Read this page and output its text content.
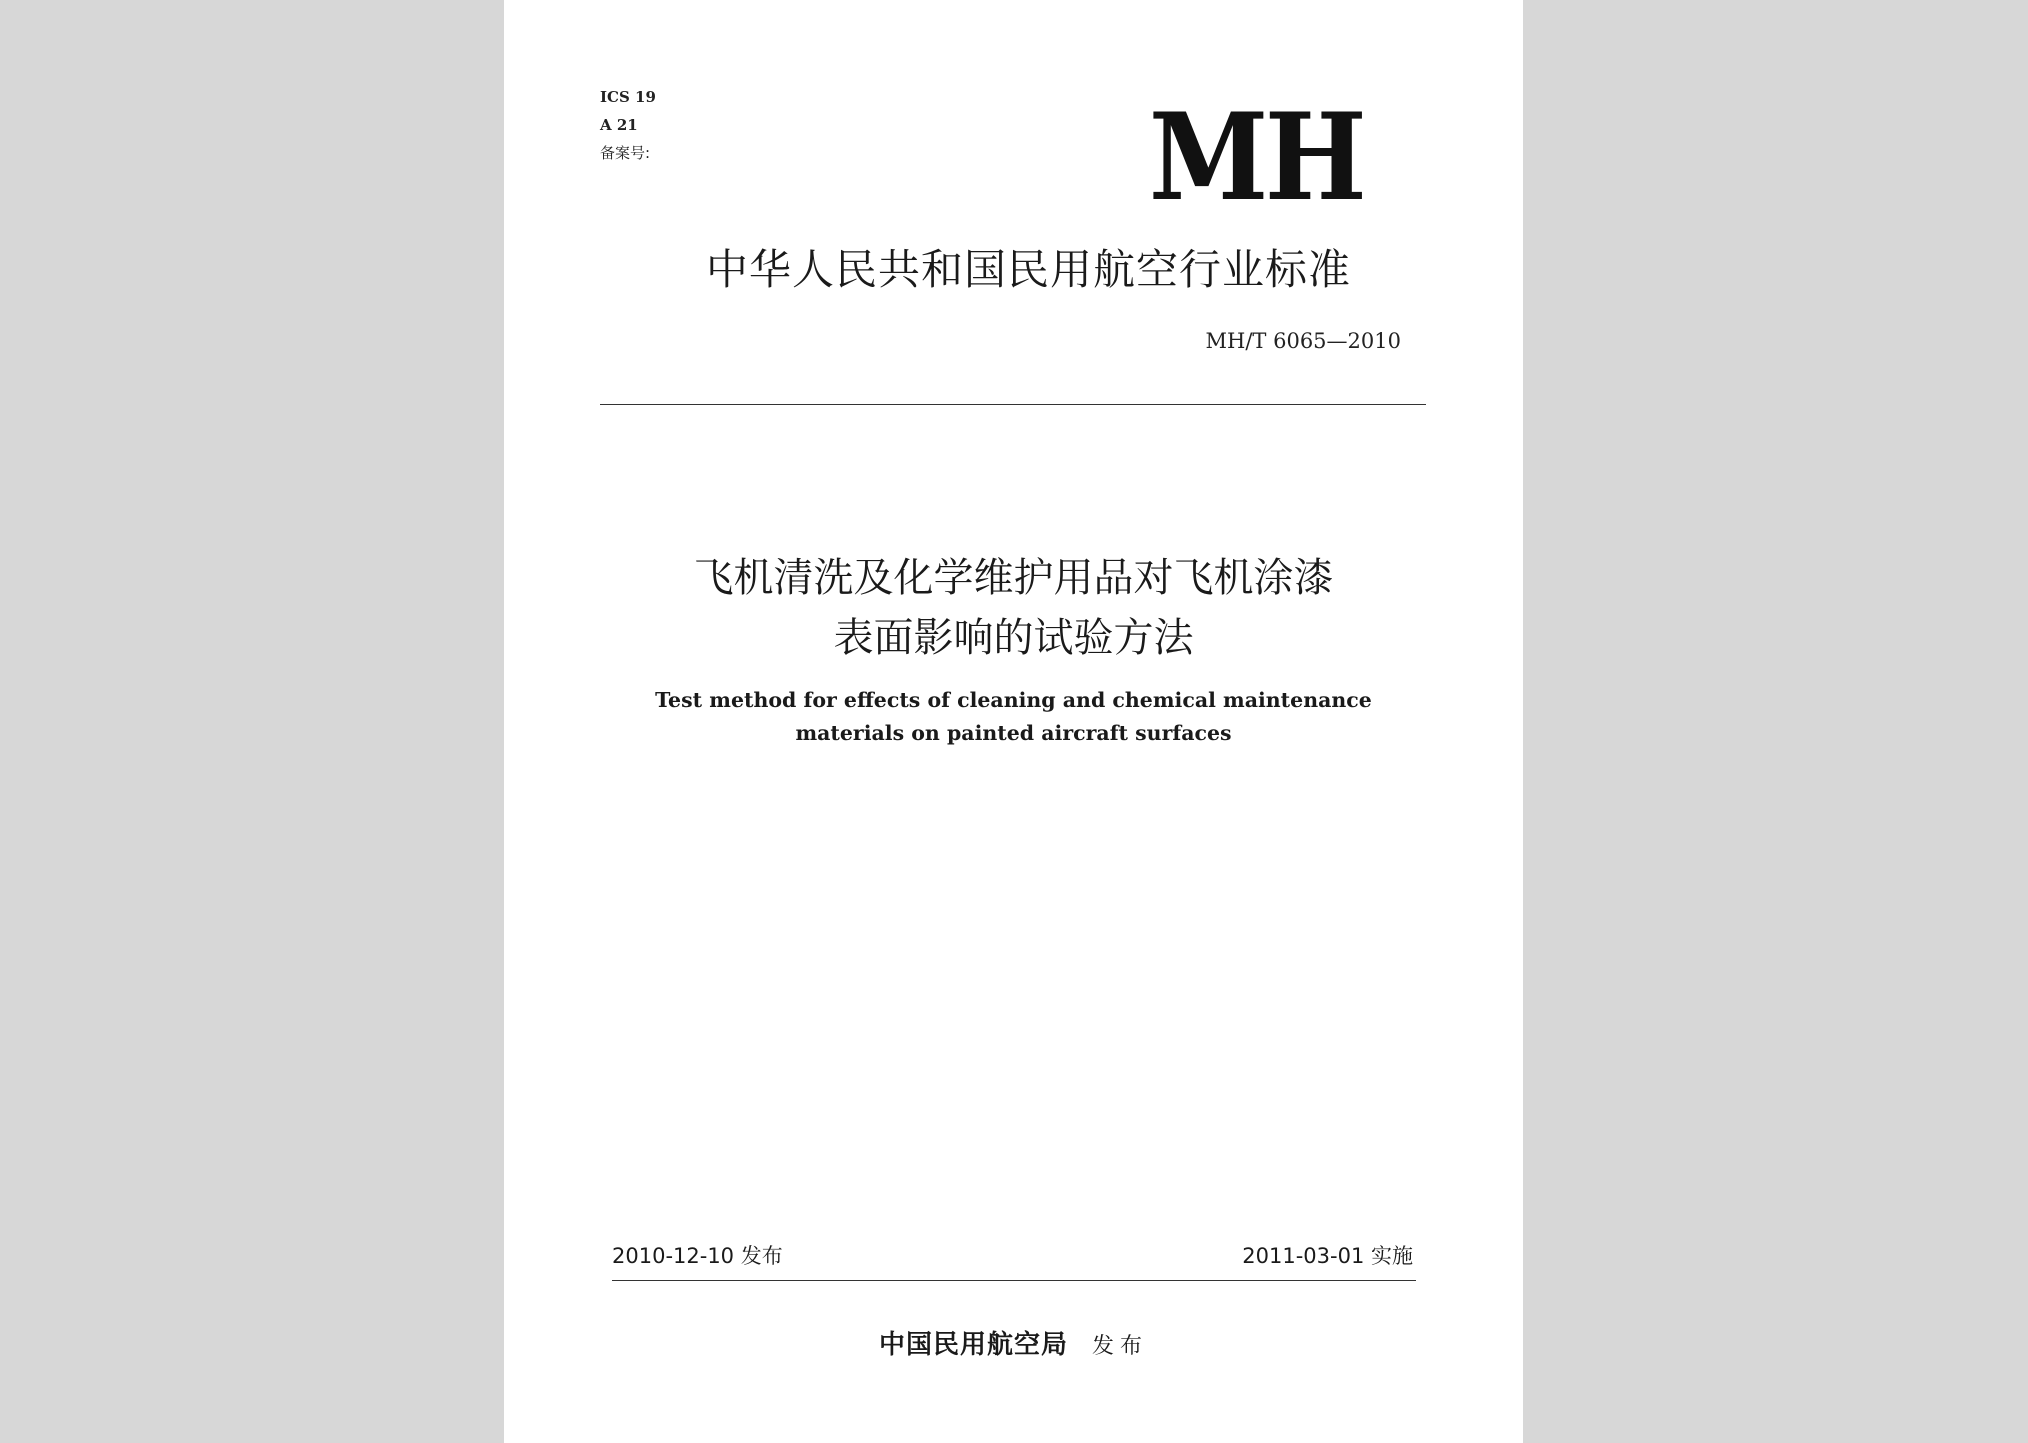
ICS 19
A 21
备案号:	MH
中华人民共和国民用航空行业标准
MH/T 6065—2010
飞机清洗及化学维护用品对飞机涂漆
表面影响的试验方法
Test method for effects of cleaning and chemical maintenance
materials on painted aircraft surfaces
2010-12-10 发布	2011-03-01 实施
中国民用航空局 发布
